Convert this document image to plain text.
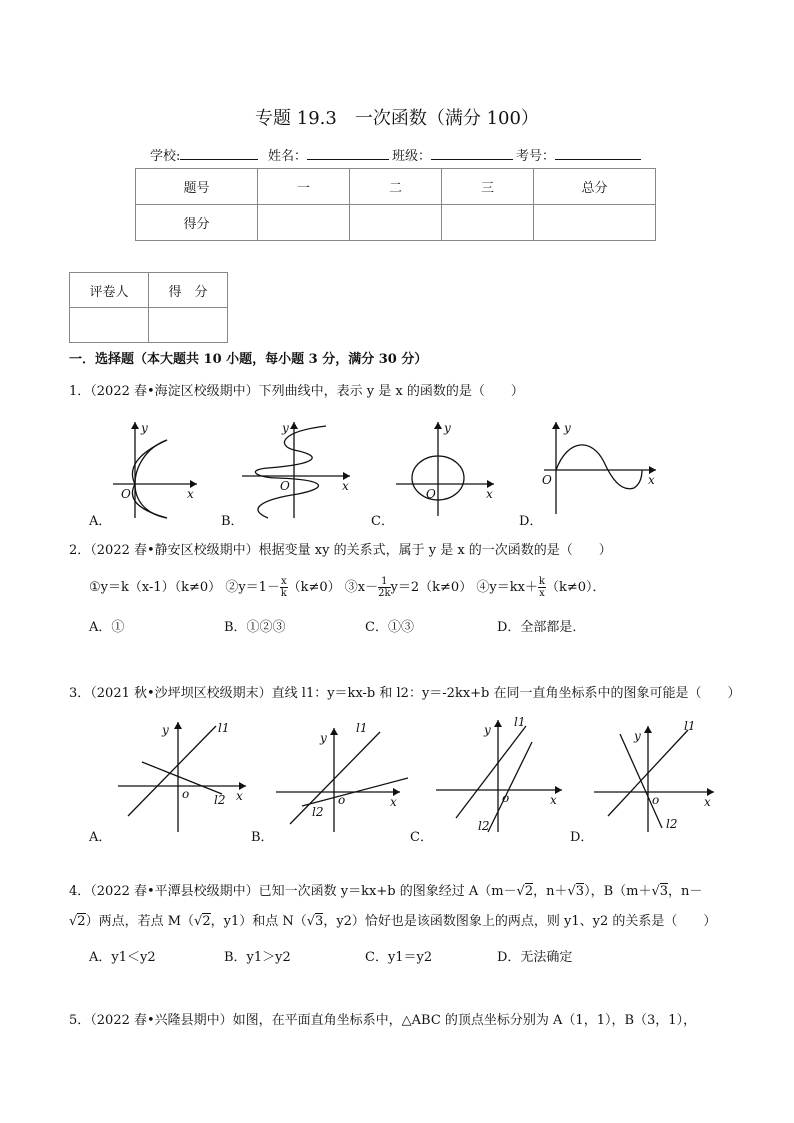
专题 19.3　一次函数（满分 100）
学校:	姓名：	班级：	考号：
题号	一	二	三	总分
得分				
评卷人	得　分

一．选择题（本大题共 10 小题，每小题 3 分，满分 30 分）
1．（2022 春•海淀区校级期中）下列曲线中，表示 y 是 x 的函数的是（　　）
y
x
O
A．
y
x
O
B．
y
x
O
C．
y
x
O
D．
2．（2022 春•静安区校级期中）根据变量 xy 的关系式，属于 y 是 x 的一次函数的是（　　）
①y＝k（x-1）（k≠0） ②y＝1－ $\frac{x}{k} (k\ne 0)$ ③x－ $\frac{1}{2k} y=2(k\ne 0)$ ④y＝kx＋ $\frac{k}{x} (k\ne 0)$．
A．①	B．①②③	C．①③	D．全部都是．
3．（2021 秋•沙坪坝区校级期末）直线 l1：y＝kx-b 和 l2：y＝-2kx+b 在同一直角坐标系中的图象可能是（　　）
y
x
o
l1
l2
A．
y
x
o
l1
l2
B．
y
x
o
l1
l2
C．
y
x
o
l1
l2
D．
4．（2022 春•平潭县校级期中）已知一次函数 y＝kx+b 的图象经过 A（m－√2，n＋√3），B（m＋√3，n－
√2）两点，若点 M（√2，y1）和点 N（√3，y2）恰好也是该函数图象上的两点，则 y1、y2 的关系是（　　）
A．y1＜y2	B．y1＞y2	C．y1＝y2	D．无法确定
5．（2022 春•兴隆县期中）如图，在平面直角坐标系中，△ABC 的顶点坐标分别为 A（1，1），B（3，1），
